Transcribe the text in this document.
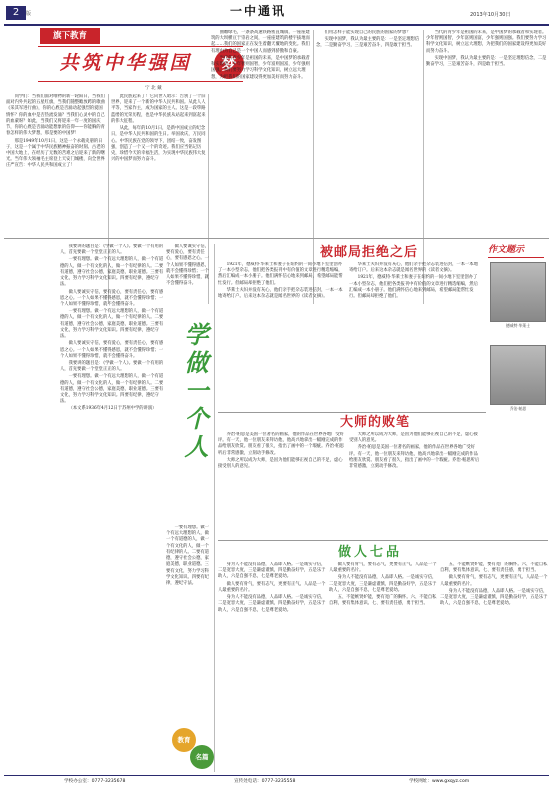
2	版	一中通讯	2013年10月30日
旗下教育
共筑中华强国	梦
宁 北 戴

同学们：当我们面对唯物的新一轮阳日，当我们面对内外共起的五星红旗，当我们随整瞻放跨的歌曲《采其军进行曲》，你的心底是否涌动起强烈的爱国情怀？你的血中是否热流发涌？当我们心灵中的自己的血蒙呀？如此，当我们又将迎来一年一度的国庆节，你的心底是否涌动能想象的信仰——你能胸的青春怎样的伟大梦想，那是要的中国梦！

那是1949年10月1日，这是一个永载史册的日子，这是一个属于中华民族精神振奋的时刻。古老的中国大地上，在经历了无数的苦难之后迎来了新的曙光。当年伟大领袖毛主席登上天安门城楼，向全世界庄严宣告：中华人民共和国成立了！

此民族起来了！它向世人昭示：告别了一个旧世界，迎来了一个新的中华人民共和国。从此人人平等，当家作主，成为国家的主人。这是一段筚路蓝缕的光荣历程，也是中华民族从站起来到富起来的伟大征程。

从此，每年的10月1日，是新中国成立的纪念日，是中华人民共和国的生日。举国欢庆，万民同心。中华民族在党的领导下，团结一致，奋发图强，创造了一个又一个的奇迹。我们应当铭记历史，珍惜今天的幸福生活，为实现中华民族伟大复兴的中国梦而努力奋斗。

曲雕绿毛，一条条高速铁路密直城镇，一座座建筑的大坝横亘于崇岩之间，一座座建筑的楼宇拔地而起……我们的国家正在发生着翻天覆地的变化。我们有理由为自己是一个中国人而感到骄傲和自豪。

当代的青少年是祖国的未来，是中国梦的承载者和实现者。少年智则国智，少年富则国富，少年强则国强。我们要努力学习科学文化知识，树立远大理想，为把我们的国家建设得更加美好而努力奋斗。

们用怎样子能实现自己的民族的国家的梦想？

实现中国梦，我认为最主要的是：一是坚定理想信念，二是勤奋学习，三是艰苦奋斗，四是敢于担当。

当代的青少年是祖国的未来，是中国梦的承载者和实现者。少年智则国智，少年富则国富，少年强则国强。我们要努力学习科学文化知识，树立远大理想，为把我们的国家建设得更加美好而努力奋斗。

实现中国梦，我认为最主要的是：一是坚定理想信念，二是勤奋学习，三是艰苦奋斗，四是敢于担当。

我要讲的题目是：《学做一个人》。要做一个有用的人，首先要做一个堂堂正正的人。

一要有理想。做一个有远大理想的人，做一个有道德的人，做一个有文化的人，做一个有纪律的人。二要有道德，遵守社会公德，家庭美德，职业道德。三要有文化，努力学习科学文化知识。四要有纪律，遵纪守法。

做人要诚实守信，要有爱心，要有责任心，要有感恩之心。一个人如果不懂得感恩，就不会懂得珍惜；一个人如果不懂得珍惜，就不会懂得奋斗。

一要有理想。做一个有远大理想的人，做一个有道德的人，做一个有文化的人，做一个有纪律的人。二要有道德，遵守社会公德，家庭美德，职业道德。三要有文化，努力学习科学文化知识。四要有纪律，遵纪守法。

做人要诚实守信，要有爱心，要有责任心，要有感恩之心。一个人如果不懂得感恩，就不会懂得珍惜；一个人如果不懂得珍惜，就不会懂得奋斗。

我要讲的题目是：《学做一个人》。要做一个有用的人，首先要做一个堂堂正正的人。

一要有理想。做一个有远大理想的人，做一个有道德的人，做一个有文化的人，做一个有纪律的人。二要有道德，遵守社会公德，家庭美德，职业道德。三要有文化，努力学习科学文化知识。四要有纪律，遵纪守法。

（本文系1936年4月12日于苏州中学的讲演） 学做一个人

做人要诚实守信，要有爱心，要有责任心，要有感恩之心。一个人如果不懂得感恩，就不会懂得珍惜；一个人如果不懂得珍惜，就不会懂得奋斗。

一要有理想。做一个有远大理想的人，做一个有道德的人，做一个有文化的人，做一个有纪律的人。二要有道德，遵守社会公德，家庭美德，职业道德。三要有文化，努力学习科学文化知识。四要有纪律，遵纪守法。

教育
名篇
被邮局拒绝之后	作文题示

1921年，德威特·华莱士和妻子在纽约的一间小地下室里创办了一本小型杂志，他们把各类报刊中有价值的文章进行精选缩编，然后汇编成一本小册子。他们满怀信心地来到邮局，希望邮局能帮忙发行。但邮局却拒绝了他们。

华莱士夫妇并没有灰心，他们亲手把杂志装进信封，一本一本地寄给订户。后来这本杂志就是闻名世界的《读者文摘》。

华莱士夫妇并没有灰心，他们亲手把杂志装进信封，一本一本地寄给订户。后来这本杂志就是闻名世界的《读者文摘》。

1921年，德威特·华莱士和妻子在纽约的一间小地下室里创办了一本小型杂志，他们把各类报刊中有价值的文章进行精选缩编，然后汇编成一本小册子。他们满怀信心地来到邮局，希望邮局能帮忙发行。但邮局却拒绝了他们。

德威特·华莱士
大师的败笔

乔治·帕思是美国一位著名的画家，他的作品在世界各地广受好评。有一天，他一位朋友来拜访他，他高兴地拿出一幅刚完成的作品给朋友欣赏。朋友看了很久，指出了画中的一个瑕疵。乔治·帕思听后非常感激，立刻动手修改。

大师之所以成为大师，是因为他们能够正视自己的不足，虚心接受别人的意见。

大师之所以成为大师，是因为他们能够正视自己的不足，虚心接受别人的意见。

乔治·帕思是美国一位著名的画家，他的作品在世界各地广受好评。有一天，他一位朋友来拜访他，他高兴地拿出一幅刚完成的作品给朋友欣赏。朋友看了很久，指出了画中的一个瑕疵。乔治·帕思听后非常感激，立刻动手修改。

乔治·帕思
做人七品

身为人不能没有品德，人品即人格。一是诚实守信，二是宽容大度，三是谦虚谨慎，四是勤奋好学，五是乐于助人，六是自强不息，七是尊老爱幼。

做人要有骨气，要有志气，更要有正气。人品是一个人最重要的名片。

身为人不能没有品德，人品即人格。一是诚实守信，二是宽容大度，三是谦虚谨慎，四是勤奋好学，五是乐于助人，六是自强不息，七是尊老爱幼。

做人要有骨气，要有志气，更要有正气。人品是一个人最重要的名片。

身为人不能没有品德，人品即人格。一是诚实守信，二是宽容大度，三是谦虚谨慎，四是勤奋好学，五是乐于助人，六是自强不息，七是尊老爱幼。

五、不能嫉贤妒能，要有宽广的胸怀。六、不能自私自利，要有集体意识。七、要有责任感，勇于担当。

五、不能嫉贤妒能，要有宽广的胸怀。六、不能自私自利，要有集体意识。七、要有责任感，勇于担当。

做人要有骨气，要有志气，更要有正气。人品是一个人最重要的名片。

身为人不能没有品德，人品即人格。一是诚实守信，二是宽容大度，三是谦虚谨慎，四是勤奋好学，五是乐于助人，六是自强不息，七是尊老爱幼。

学校办公室：0777-3235678	宣传处电话：0777-3235558	学校网址：www.gxqyz.com
